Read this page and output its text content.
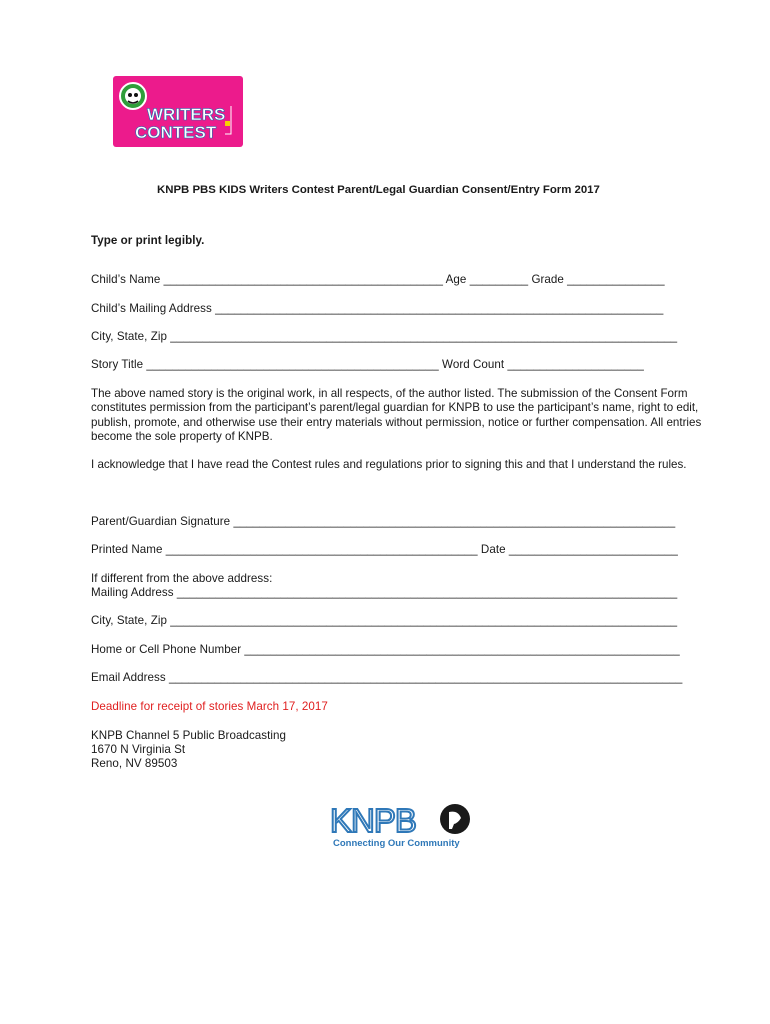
WRITERS
CONTEST
KNPB PBS KIDS Writers Contest Parent/Legal Guardian Consent/Entry Form 2017
Type or print legibly.
Child’s Name ___________________________________________ Age _________ Grade _______________
Child’s Mailing Address _____________________________________________________________________
City, State, Zip ______________________________________________________________________________
Story Title _____________________________________________ Word Count _____________________
The above named story is the original work, in all respects, of the author listed. The submission of the Consent Form constitutes permission from the participant’s parent/legal guardian for KNPB to use the participant’s name, right to edit, publish, promote, and otherwise use their entry materials without permission, notice or further compensation. All entries become the sole property of KNPB.
I acknowledge that I have read the Contest rules and regulations prior to signing this and that I understand the rules.
Parent/Guardian Signature ____________________________________________________________________
Printed Name ________________________________________________ Date __________________________
If different from the above address:
Mailing Address _____________________________________________________________________________
City, State, Zip ______________________________________________________________________________
Home or Cell Phone Number ___________________________________________________________________
Email Address _______________________________________________________________________________
Deadline for receipt of stories March 17, 2017
KNPB Channel 5 Public Broadcasting
1670 N Virginia St
Reno, NV 89503
KNPB
Connecting Our Community
